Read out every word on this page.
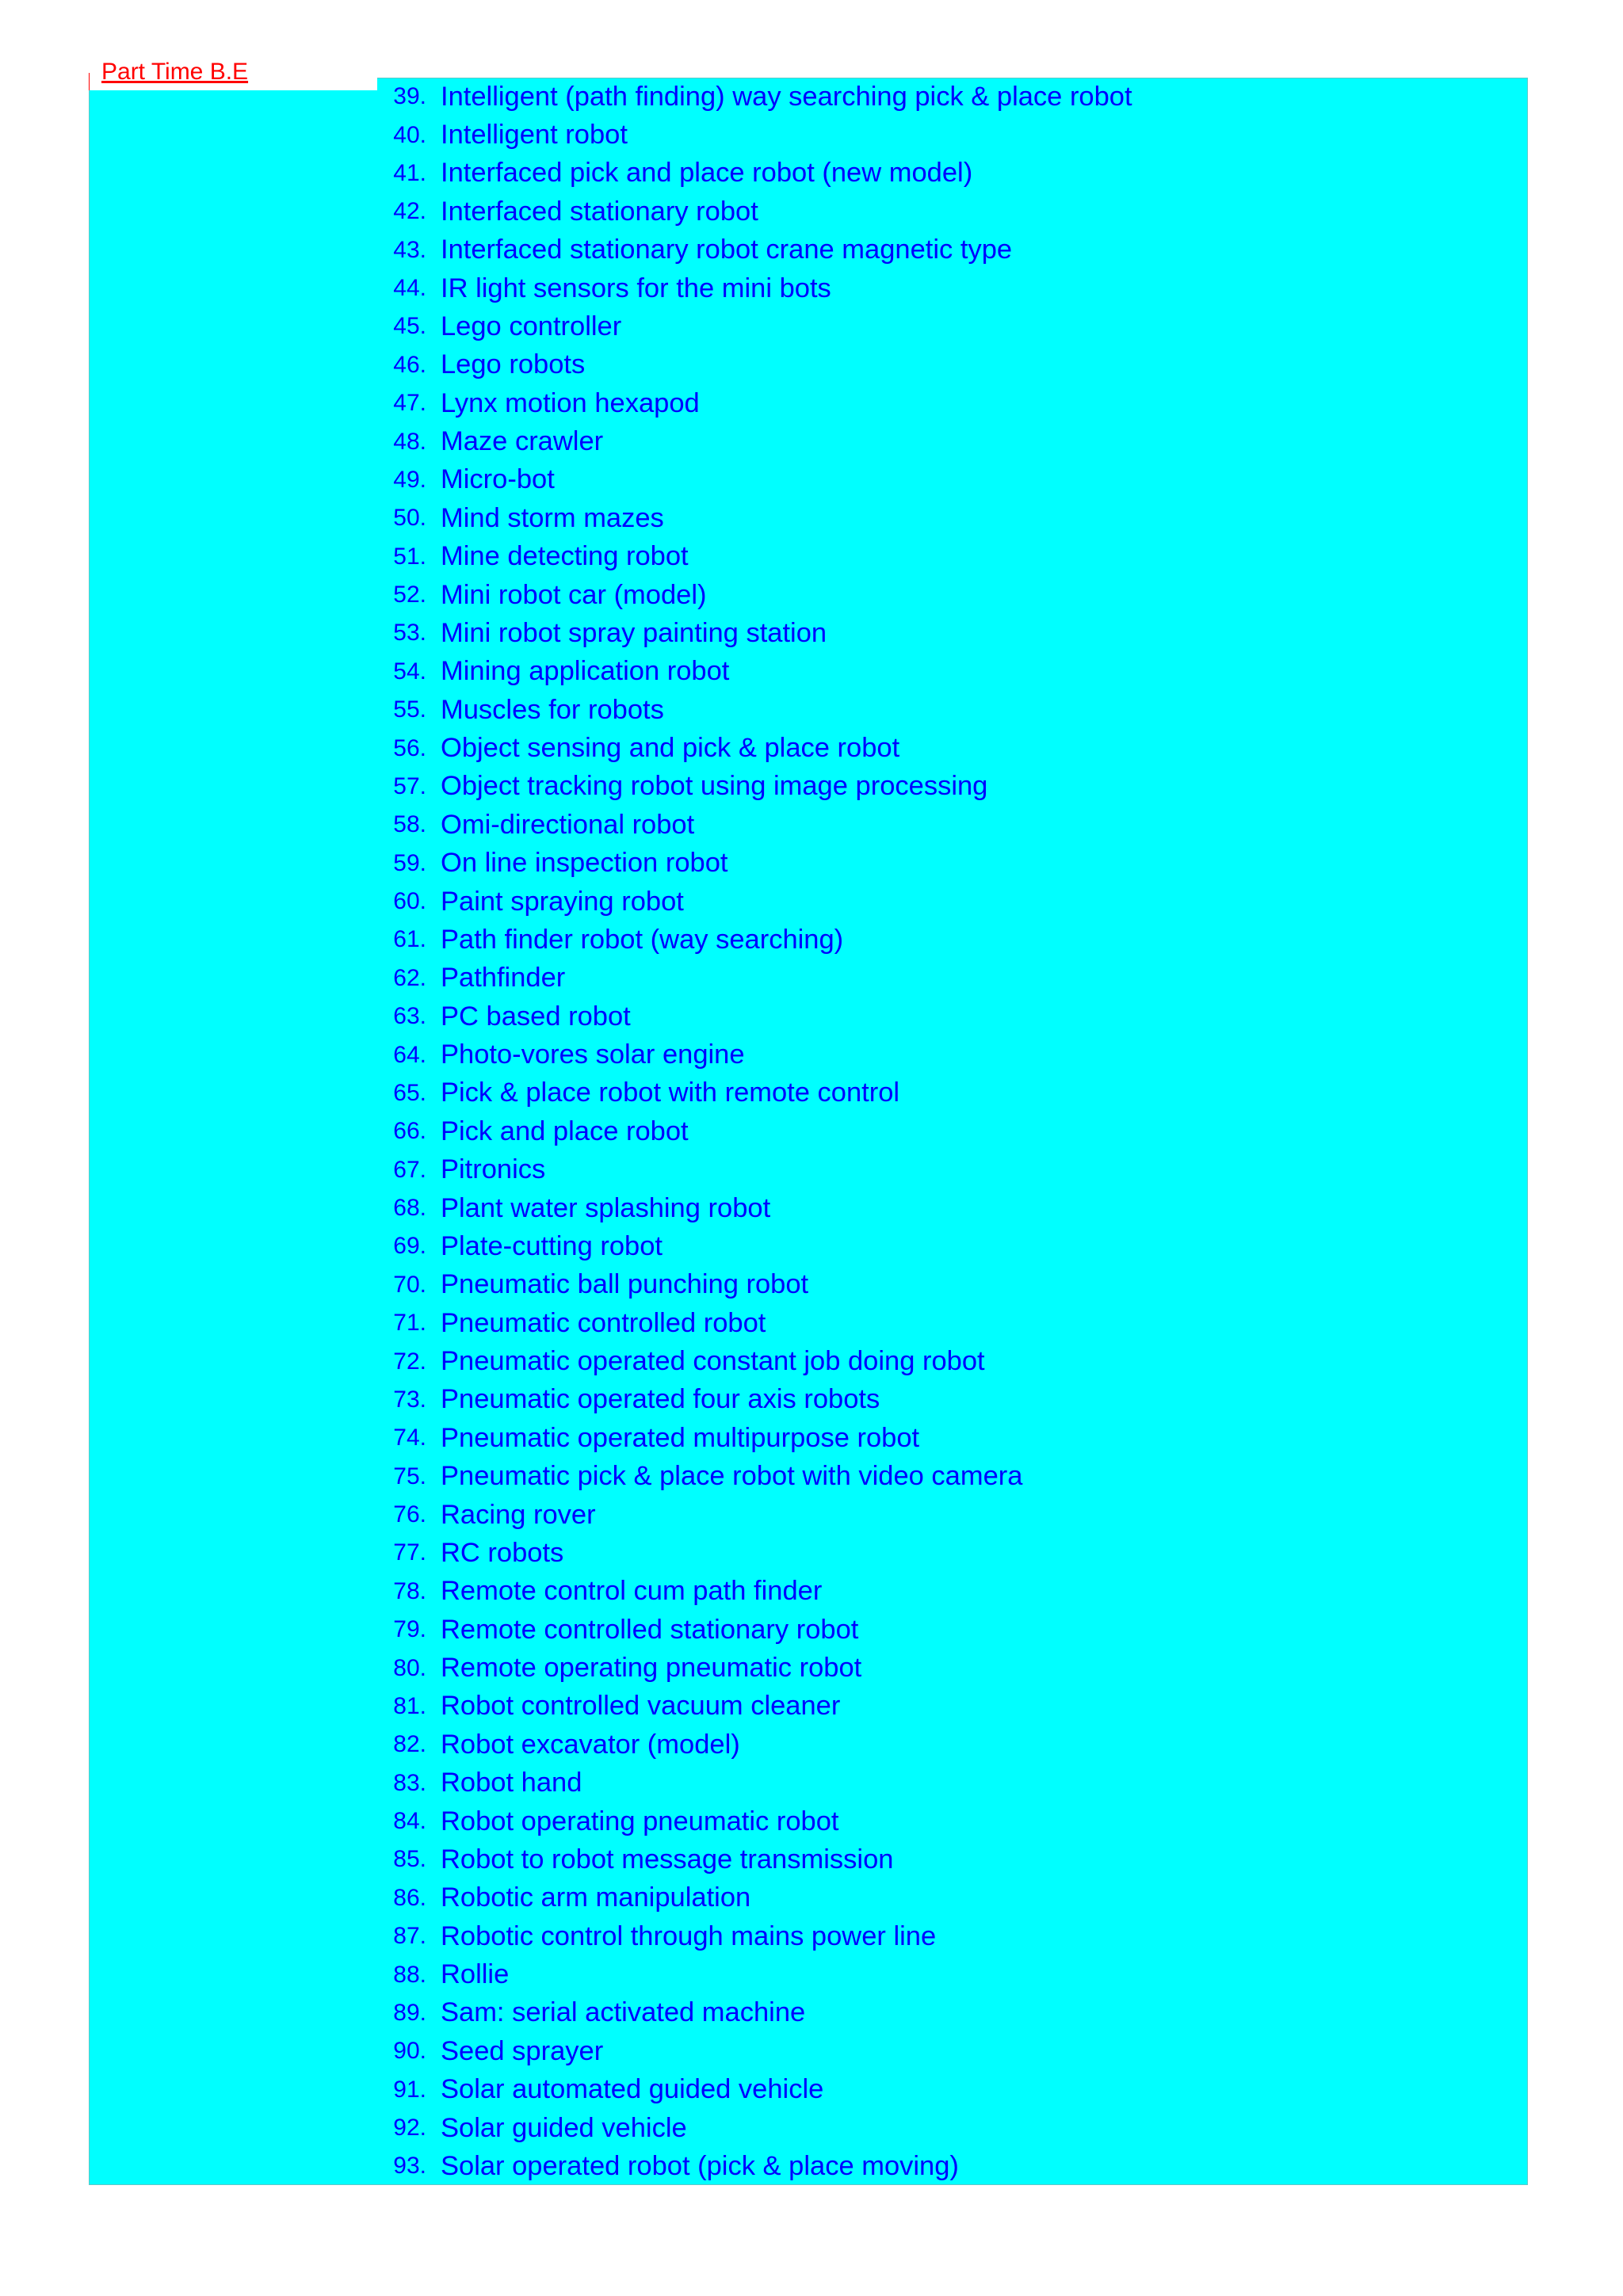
Part Time B.E
39. Intelligent (path finding) way searching pick & place robot
40. Intelligent robot
41. Interfaced pick and place robot (new model)
42. Interfaced stationary robot
43. Interfaced stationary robot crane magnetic type
44. IR light sensors for the mini bots
45. Lego controller
46. Lego robots
47. Lynx motion hexapod
48. Maze crawler
49. Micro-bot
50. Mind storm mazes
51. Mine detecting robot
52. Mini robot car (model)
53. Mini robot spray painting station
54. Mining application robot
55. Muscles for robots
56. Object sensing and pick & place robot
57. Object tracking robot using image processing
58. Omi-directional robot
59. On line inspection robot
60. Paint spraying robot
61. Path finder robot (way searching)
62. Pathfinder
63. PC based robot
64. Photo-vores solar engine
65. Pick & place robot with remote control
66. Pick and place robot
67. Pitronics
68. Plant water splashing robot
69. Plate-cutting robot
70. Pneumatic ball punching robot
71. Pneumatic controlled robot
72. Pneumatic operated constant job doing robot
73. Pneumatic operated four axis robots
74. Pneumatic operated multipurpose robot
75. Pneumatic pick & place robot with video camera
76. Racing rover
77. RC robots
78. Remote control cum path finder
79. Remote controlled stationary robot
80. Remote operating pneumatic robot
81. Robot controlled vacuum cleaner
82. Robot excavator (model)
83. Robot hand
84. Robot operating pneumatic robot
85. Robot to robot message transmission
86. Robotic arm manipulation
87. Robotic control through mains power line
88. Rollie
89. Sam: serial activated machine
90. Seed sprayer
91. Solar automated guided vehicle
92. Solar guided vehicle
93. Solar operated robot (pick & place moving)
